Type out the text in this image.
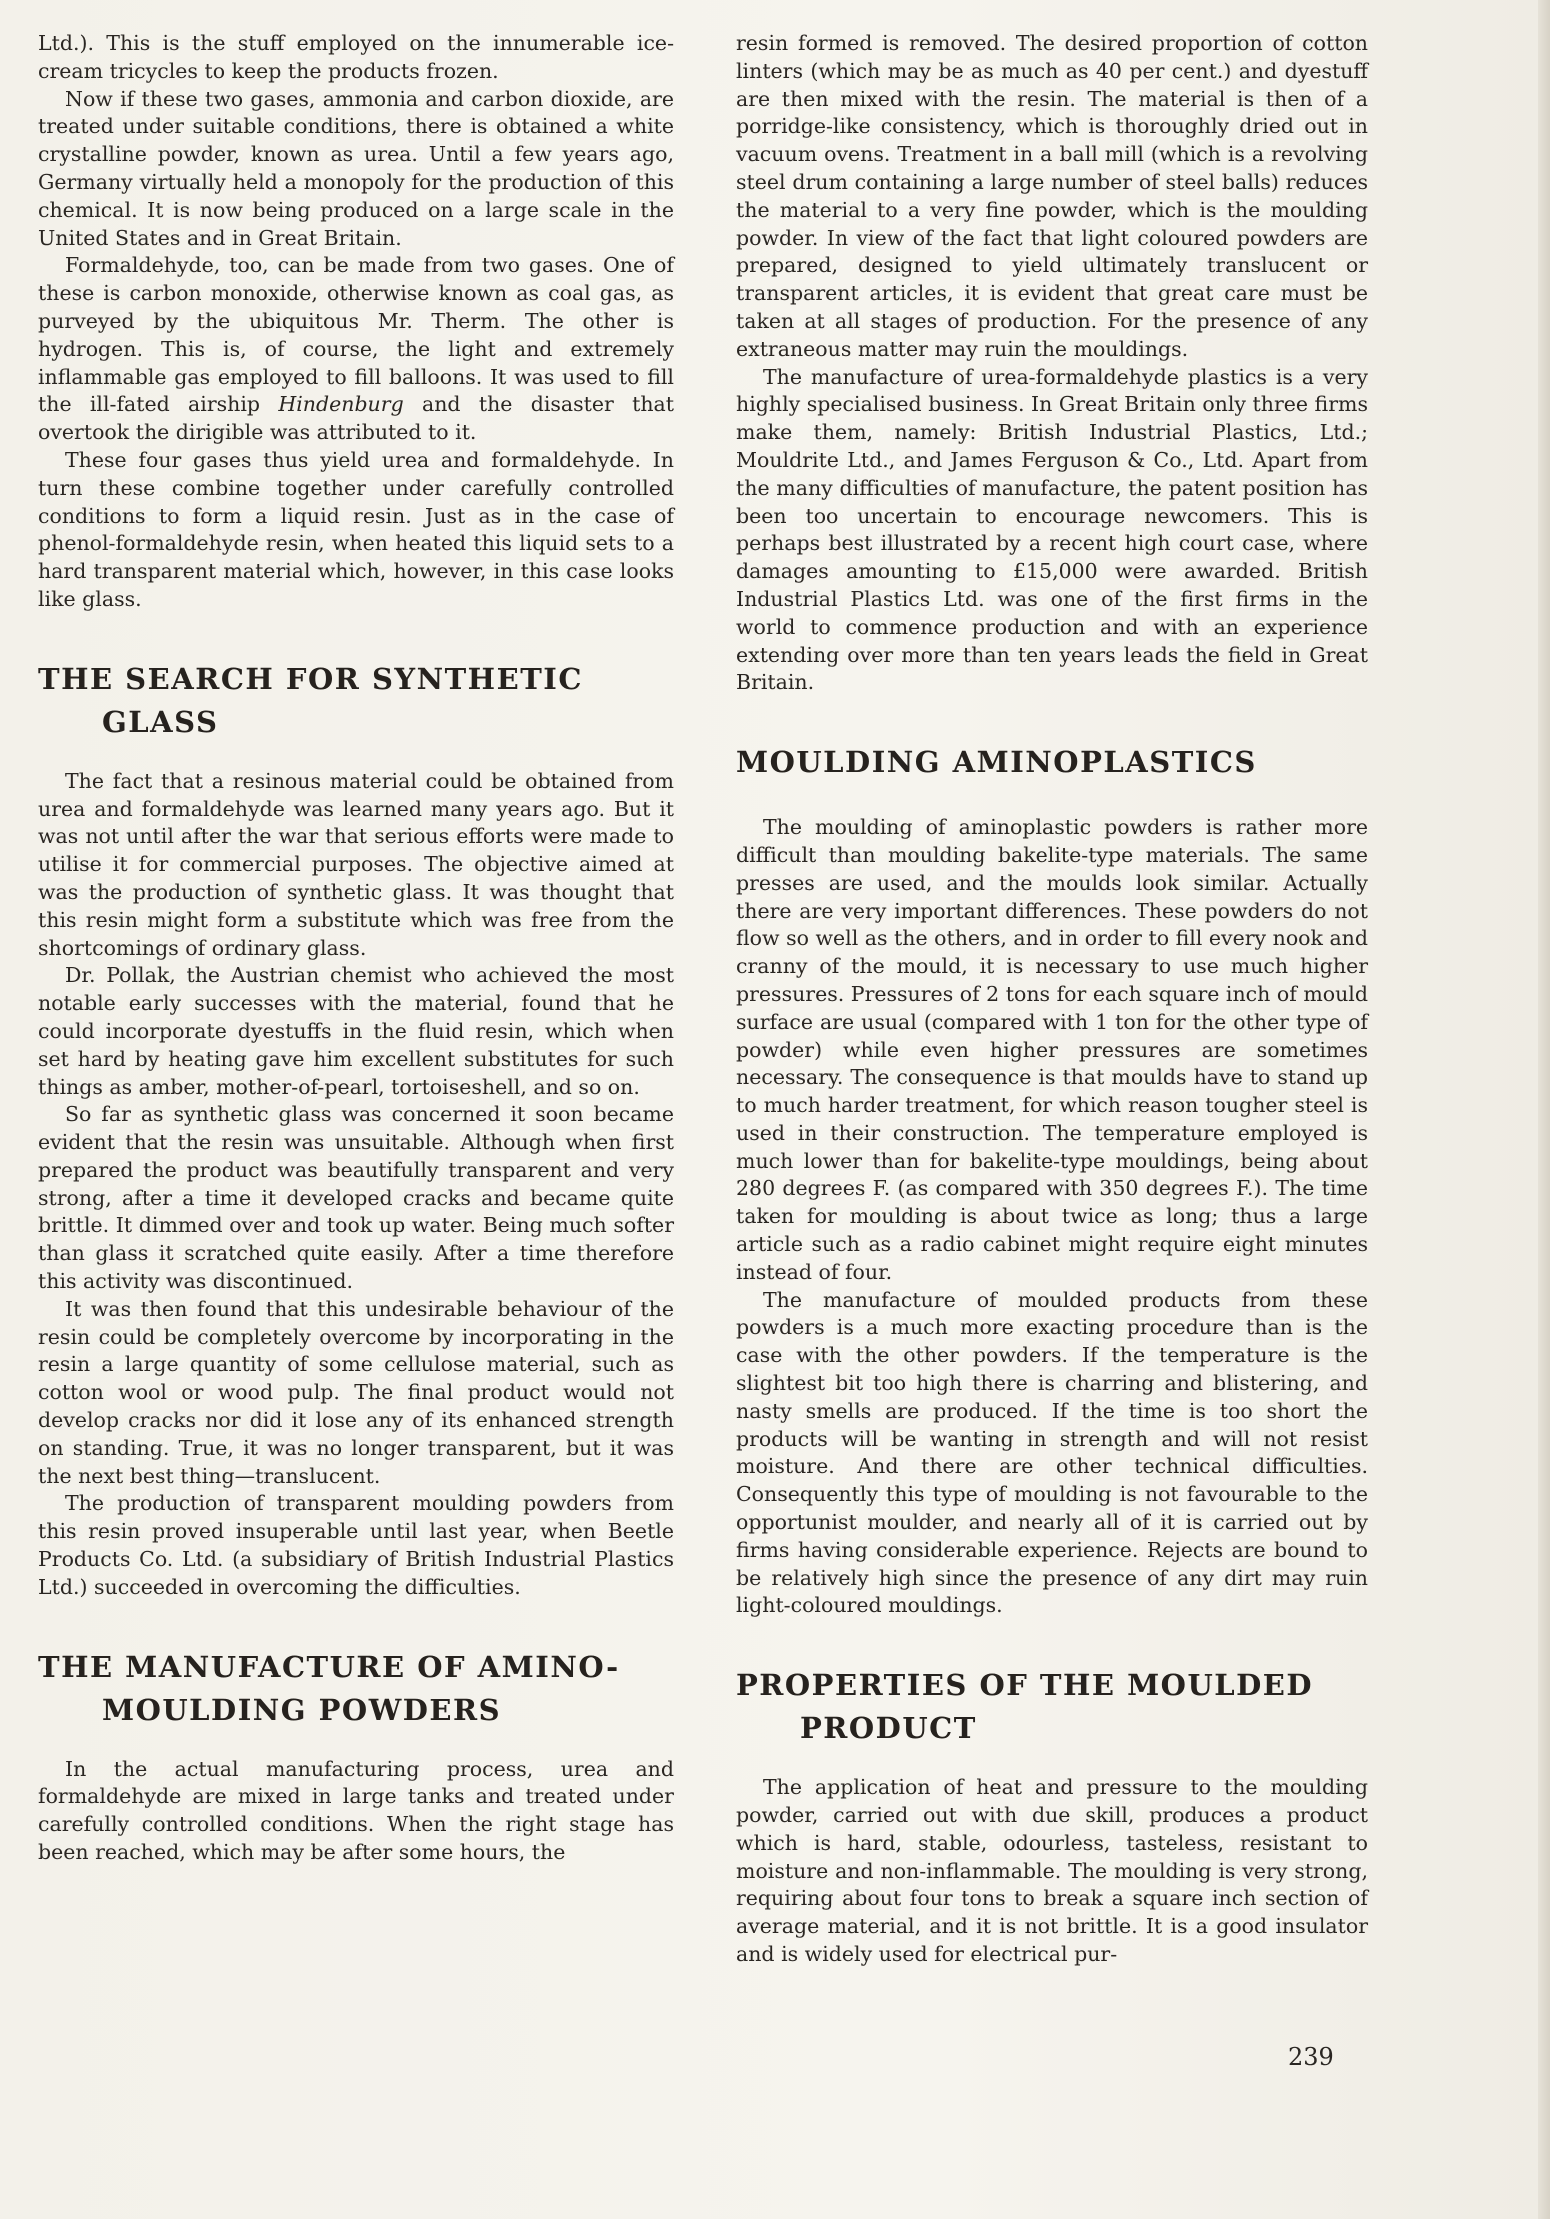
Ltd.). This is the stuff employed on the innumerable ice-cream tricycles to keep the products frozen.

Now if these two gases, ammonia and carbon dioxide, are treated under suitable conditions, there is obtained a white crystalline powder, known as urea. Until a few years ago, Germany virtually held a monopoly for the production of this chemical. It is now being produced on a large scale in the United States and in Great Britain.

Formaldehyde, too, can be made from two gases. One of these is carbon monoxide, otherwise known as coal gas, as purveyed by the ubiquitous Mr. Therm. The other is hydrogen. This is, of course, the light and extremely inflammable gas employed to fill balloons. It was used to fill the ill-fated airship Hindenburg and the disaster that overtook the dirigible was attributed to it.

These four gases thus yield urea and formaldehyde. In turn these combine together under carefully controlled conditions to form a liquid resin. Just as in the case of phenol-formaldehyde resin, when heated this liquid sets to a hard transparent material which, however, in this case looks like glass.

THE SEARCH FOR SYNTHETIC GLASS

The fact that a resinous material could be obtained from urea and formaldehyde was learned many years ago. But it was not until after the war that serious efforts were made to utilise it for commercial purposes. The objective aimed at was the production of synthetic glass. It was thought that this resin might form a substitute which was free from the shortcomings of ordinary glass.

Dr. Pollak, the Austrian chemist who achieved the most notable early successes with the material, found that he could incorporate dyestuffs in the fluid resin, which when set hard by heating gave him excellent substitutes for such things as amber, mother-of-pearl, tortoiseshell, and so on.

So far as synthetic glass was concerned it soon became evident that the resin was unsuitable. Although when first prepared the product was beautifully transparent and very strong, after a time it developed cracks and became quite brittle. It dimmed over and took up water. Being much softer than glass it scratched quite easily. After a time therefore this activity was discontinued.

It was then found that this undesirable behaviour of the resin could be completely overcome by incorporating in the resin a large quantity of some cellulose material, such as cotton wool or wood pulp. The final product would not develop cracks nor did it lose any of its enhanced strength on standing. True, it was no longer transparent, but it was the next best thing—translucent.

The production of transparent moulding powders from this resin proved insuperable until last year, when Beetle Products Co. Ltd. (a subsidiary of British Industrial Plastics Ltd.) succeeded in overcoming the difficulties.

THE MANUFACTURE OF AMINO-MOULDING POWDERS

In the actual manufacturing process, urea and formaldehyde are mixed in large tanks and treated under carefully controlled conditions. When the right stage has been reached, which may be after some hours, the

resin formed is removed. The desired proportion of cotton linters (which may be as much as 40 per cent.) and dyestuff are then mixed with the resin. The material is then of a porridge-like consistency, which is thoroughly dried out in vacuum ovens. Treatment in a ball mill (which is a revolving steel drum containing a large number of steel balls) reduces the material to a very fine powder, which is the moulding powder. In view of the fact that light coloured powders are prepared, designed to yield ultimately translucent or transparent articles, it is evident that great care must be taken at all stages of production. For the presence of any extraneous matter may ruin the mouldings.

The manufacture of urea-formaldehyde plastics is a very highly specialised business. In Great Britain only three firms make them, namely: British Industrial Plastics, Ltd.; Mouldrite Ltd., and James Ferguson & Co., Ltd. Apart from the many difficulties of manufacture, the patent position has been too uncertain to encourage newcomers. This is perhaps best illustrated by a recent high court case, where damages amounting to £15,000 were awarded. British Industrial Plastics Ltd. was one of the first firms in the world to commence production and with an experience extending over more than ten years leads the field in Great Britain.

MOULDING AMINOPLASTICS

The moulding of aminoplastic powders is rather more difficult than moulding bakelite-type materials. The same presses are used, and the moulds look similar. Actually there are very important differences. These powders do not flow so well as the others, and in order to fill every nook and cranny of the mould, it is necessary to use much higher pressures. Pressures of 2 tons for each square inch of mould surface are usual (compared with 1 ton for the other type of powder) while even higher pressures are sometimes necessary. The consequence is that moulds have to stand up to much harder treatment, for which reason tougher steel is used in their construction. The temperature employed is much lower than for bakelite-type mouldings, being about 280 degrees F. (as compared with 350 degrees F.). The time taken for moulding is about twice as long; thus a large article such as a radio cabinet might require eight minutes instead of four.

The manufacture of moulded products from these powders is a much more exacting procedure than is the case with the other powders. If the temperature is the slightest bit too high there is charring and blistering, and nasty smells are produced. If the time is too short the products will be wanting in strength and will not resist moisture. And there are other technical difficulties. Consequently this type of moulding is not favourable to the opportunist moulder, and nearly all of it is carried out by firms having considerable experience. Rejects are bound to be relatively high since the presence of any dirt may ruin light-coloured mouldings.

PROPERTIES OF THE MOULDED PRODUCT

The application of heat and pressure to the moulding powder, carried out with due skill, produces a product which is hard, stable, odourless, tasteless, resistant to moisture and non-inflammable. The moulding is very strong, requiring about four tons to break a square inch section of average material, and it is not brittle. It is a good insulator and is widely used for electrical pur-

239
